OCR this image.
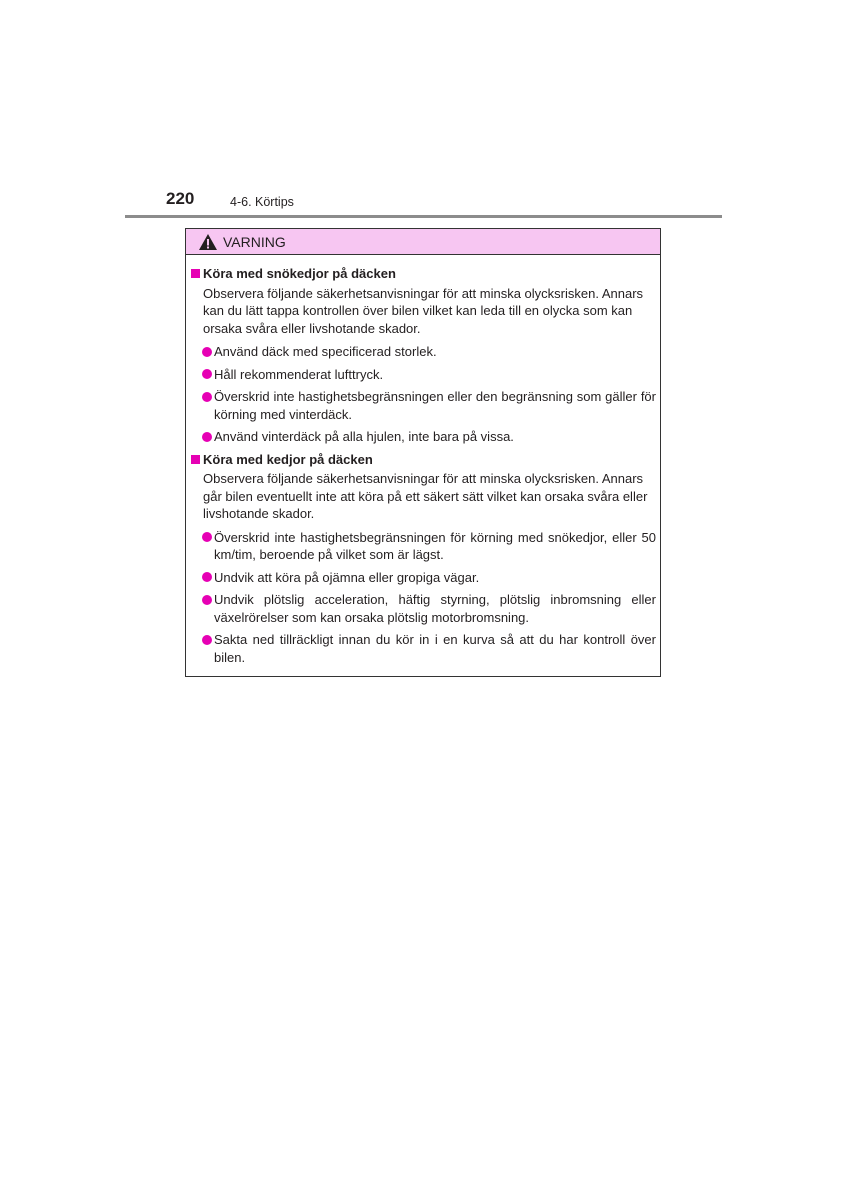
220	4-6. Körtips
VARNING
Köra med snökedjor på däcken
Observera följande säkerhetsanvisningar för att minska olycksrisken. Annars kan du lätt tappa kontrollen över bilen vilket kan leda till en olycka som kan orsaka svåra eller livshotande skador.
Använd däck med specificerad storlek.
Håll rekommenderat lufttryck.
Överskrid inte hastighetsbegränsningen eller den begränsning som gäller för körning med vinterdäck.
Använd vinterdäck på alla hjulen, inte bara på vissa.
Köra med kedjor på däcken
Observera följande säkerhetsanvisningar för att minska olycksrisken. Annars går bilen eventuellt inte att köra på ett säkert sätt vilket kan orsaka svåra eller livshotande skador.
Överskrid inte hastighetsbegränsningen för körning med snökedjor, eller 50 km/tim, beroende på vilket som är lägst.
Undvik att köra på ojämna eller gropiga vägar.
Undvik plötslig acceleration, häftig styrning, plötslig inbromsning eller växelrörelser som kan orsaka plötslig motorbromsning.
Sakta ned tillräckligt innan du kör in i en kurva så att du har kontroll över bilen.
